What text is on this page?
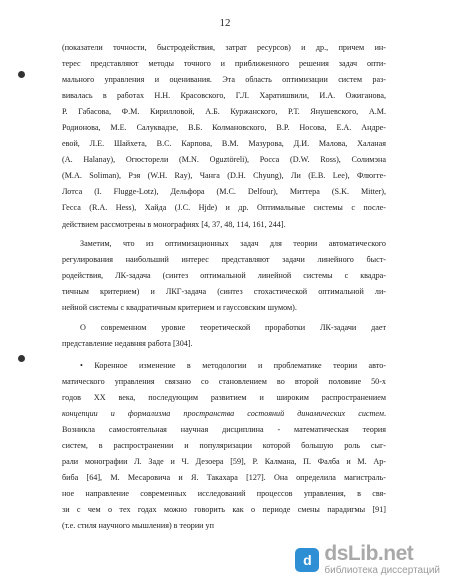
12
(показатели точности, быстродействия, затрат ресурсов) и др., причем ин-
терес представляют методы точного и приближенного решения задач опти-
мального управления и оценивания. Эта область оптимизации систем раз-
вивалась в работах Н.Н. Красовского, Г.Л. Харатишвили, И.А. Ожиганова,
Р. Габасова, Ф.М. Кирилловой, А.Б. Куржанского, Р.Т. Янушевского, А.М.
Родионова, М.Е. Салуквадзе, В.Б. Колмановского, В.Р. Носова, Е.А. Андре-
евой, Л.Е. Шайхета, В.С. Карпова, В.М. Мазурова, Д.И. Малова, Халаная
(A. Halanay), Огюсторели (M.N. Oguztöreli), Росса (D.W. Ross), Солимэна
(M.A. Soliman), Рэя (W.H. Ray), Чанга (D.H. Chyung), Ли (E.B. Lee), Флюгге-
Лотса (I. Flugge-Lotz), Дельфора (M.C. Delfour), Миттера (S.K. Mitter),
Гесса (R.A. Hess), Хайда (J.C. Hjde) и др. Оптимальные системы с после-
действием рассмотрены в монографиях [4, 37, 48, 114, 161, 244].
Заметим, что из оптимизационных задач для теории автоматического
регулирования наибольший интерес представляют задачи линейного быст-
родействия, ЛК-задача (синтез оптимальной линейной системы с квадра-
тичным критерием) и ЛКГ-задача (синтез стохастической оптимальной ли-
нейной системы с квадратичным критерием и гауссовским шумом).
О современном уровне теоретической проработки ЛК-задачи дает
представление недавняя работа [304].
• Коренное изменение в методологии и проблематике теории авто-
матического управления связано со становлением во второй половине 50-х
годов XX века, последующим развитием и широким распространением
концепции и формализма пространства состояний динамических систем.
Возникла самостоятельная научная дисциплина - математическая теория
систем, в распространении и популяризации которой большую роль сыг-
рали монографии Л. Заде и Ч. Дезоера [59], Р. Калмана, П. Фалба и М. Ар-
биба [64], М. Месаровича и Я. Такахара [127]. Она определила магистраль-
ное направление современных исследований процессов управления, в свя-
зи с чем о тех годах можно говорить как о периоде смены парадигмы [91]
(т.е. стиля научного мышления) в теории уп
d dsLib.net
библиотека диссертаций
